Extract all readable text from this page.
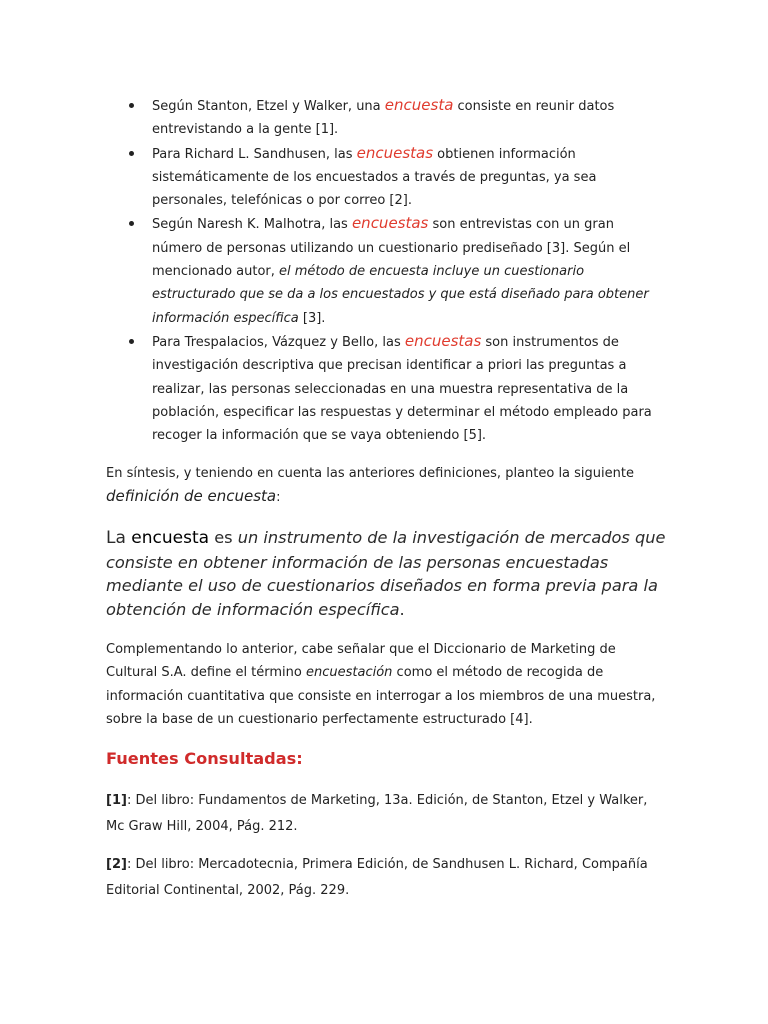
Según Stanton, Etzel y Walker, una encuesta consiste en reunir datos entrevistando a la gente [1].
Para Richard L. Sandhusen, las encuestas obtienen información sistemáticamente de los encuestados a través de preguntas, ya sea personales, telefónicas o por correo [2].
Según Naresh K. Malhotra, las encuestas son entrevistas con un gran número de personas utilizando un cuestionario prediseñado [3]. Según el mencionado autor, el método de encuesta incluye un cuestionario estructurado que se da a los encuestados y que está diseñado para obtener información específica [3].
Para Trespalacios, Vázquez y Bello, las encuestas son instrumentos de investigación descriptiva que precisan identificar a priori las preguntas a realizar, las personas seleccionadas en una muestra representativa de la población, especificar las respuestas y determinar el método empleado para recoger la información que se vaya obteniendo [5].

En síntesis, y teniendo en cuenta las anteriores definiciones, planteo la siguiente definición de encuesta:

La encuesta es un instrumento de la investigación de mercados que consiste en obtener información de las personas encuestadas mediante el uso de cuestionarios diseñados en forma previa para la obtención de información específica.

Complementando lo anterior, cabe señalar que el Diccionario de Marketing de Cultural S.A. define el término encuestación como el método de recogida de información cuantitativa que consiste en interrogar a los miembros de una muestra, sobre la base de un cuestionario perfectamente estructurado [4].

Fuentes Consultadas:

[1]: Del libro: Fundamentos de Marketing, 13a. Edición, de Stanton, Etzel y Walker, Mc Graw Hill, 2004, Pág. 212.

[2]: Del libro: Mercadotecnia, Primera Edición, de Sandhusen L. Richard, Compañía Editorial Continental, 2002, Pág. 229.
